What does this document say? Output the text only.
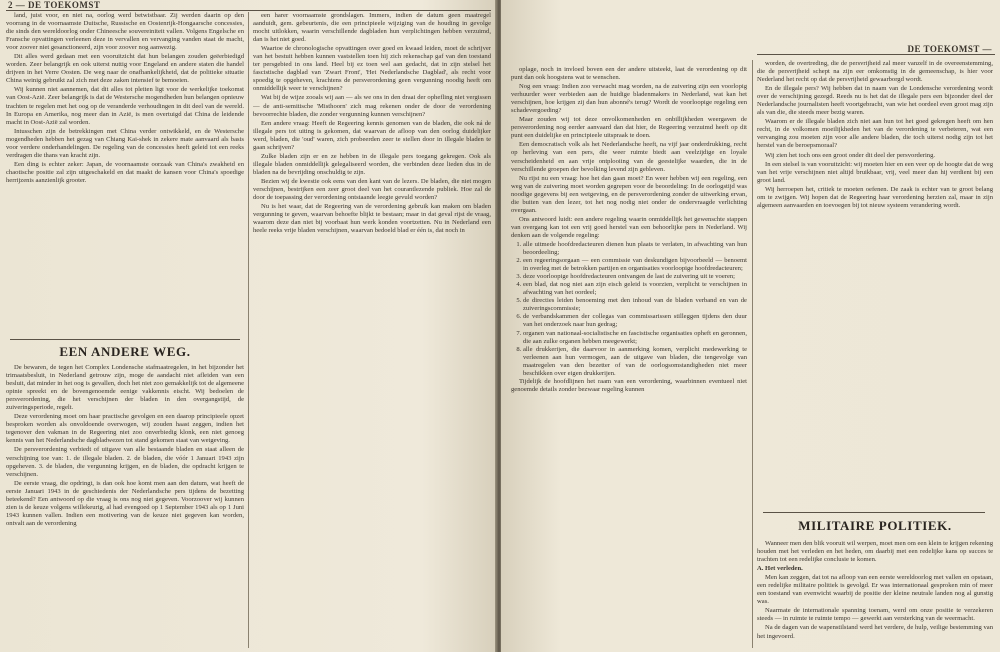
2 — DE TOEKOMST

land, juist voor, en niet na, oorlog werd betwistbaar. Zij werden daarin op den voorrang in de voornaamste Duitsche, Russische en Oostenrijk-Hongaarsche concessies, die sinds den wereldoorlog onder Chineesche souvereiniteit vallen. Volgens Engelsche en Fransche opvattingen verleenen deze in vervallen en vervanging vanden staat de macht, voor zoover niet gesanctioneerd, zijn voor zoover nog aanwezig.

Dit alles werd gedaan met een vooruitzicht dat hun belangen zouden geëerbiedigd worden. Zeer belangrijk en ook uiterst nuttig voor Engeland en andere staten die handel drijven in het Verre Oosten. De weg naar de onafhankelijkheid, dat de politieke situatie China weinig gebruikt zal zich met deze zaken intensief te bemoeien.

Wij kunnen niet aannemen, dat dit alles tot pleiten ligt voor de werkelijke toekomst van Oost-Azië. Zeer belangrijk is dat de Westersche mogendheden hun belangen opnieuw trachten te regelen met het oog op de veranderde verhoudingen in dit deel van de wereld. In Europa en Amerika, nog meer dan in Azië, is men overtuigd dat China de leidende macht in Oost-Azië zal worden.

Intusschen zijn de betrekkingen met China verder ontwikkeld, en de Westersche mogendheden hebben het gezag van Chiang Kai-shek in zekere mate aanvaard als basis voor verdere onderhandelingen. De regeling van de concessies heeft geleid tot een reeks verdragen die thans van kracht zijn.

Een ding is echter zeker: Japan, de voornaamste oorzaak van China's zwakheid en chaotische positie zal zijn uitgeschakeld en dat maakt de kansen voor China's spoedige herrijzenis aanzienlijk grooter.

EEN ANDERE WEG.

De bewaren, de tegen het Complex Londensche stafmaatregelen, in het bijzonder het trimaatsbesluit, in Nederland getrouw zijn, moge de aandacht niet afleiden van een besluit, dat minder in het oog is gevallen, doch het niet zoo gemakkelijk tot de algemeene opinie spreekt en de bovengenoemde eenige vakkennis eischt. Wij bedoelen de persverordening, die het verschijnen der bladen in den overgangstijd, de zuiveringsperiode, regelt.

Deze verordening moet om haar practische gevolgen en een daarop principieele opzet besproken worden als onvoldoende overwogen, wij zouden haast zeggen, indien het tegenover den vakman in de Regeering niet zoo onverbiedig klonk, een niet genoeg kennis van het Nederlandsche dagbladwezen tot stand gekomen staat van wetgeving.

De persverordening verbiedt of uitgave van alle bestaande bladen en staat alleen de verschijning toe van: 1. de illegale bladen. 2. de bladen, die vóór 1 Januari 1943 zijn opgeheven. 3. de bladen, die vergunning krijgen, en de bladen, die opdracht krijgen te verschijnen.

De eerste vraag, die opdringt, is dan ook hoe komt men aan den datum, wat heeft de eerste Januari 1943 in de geschiedenis der Nederlandsche pers tijdens de bezetting beteekend? Een antwoord op die vraag is ons nog niet gegeven. Voorzoover wij kunnen zien is de keuze volgens willekeurig, al had evengoed op 1 September 1943 als op 1 Juni 1943 kunnen vallen. Indien een motivering van de keuze niet gegeven kan worden, ontvalt aan de verordening

een harer voornaamste grondslagen. Immers, indien de datum geen maatregel aanduidt, gem. gebeurtenis, die een principieele wijziging van de houding in gevolge mocht uitlokken, waarin verschillende dagbladen hun verplichtingen hebben verzuimd, dan is het niet goed.

Waartoe de chronologische opvattingen over goed en kwaad leiden, moet de schrijver van het bestuit hebben kunnen vaststellen toen hij zich rekenschap gaf van den toestand ter persgebied in ons land. Heel bij ez toen wel aan gedacht, dat in zijn stelsel het fascistische dagblad van 'Zwart Front', 'Het Nederlandsche Dagblad', als recht voor spoedig te opgeheven, krachtens de persverordening geen vergunning noodig heeft om onmiddellijk weer te verschijnen?

Wat bij de wijze zooals wij aan — als we ons in den draai der ophefling niet vergissen — de anti-semitische 'Misthoorn' zich mag rekenen onder de door de verordening bevoorrechte bladen, die zonder vergunning kunnen verschijnen?

Een andere vraag: Heeft de Regeering kennis genomen van de bladen, die ook ná de illegale pers tot uiting is gekomen, dat waarvan de afloop van den oorlog duidelijker werd, bladen, die 'oud' waren, zich probeerden zeer te stellen door in illegale bladen te gaan schrijven?

Zulke bladen zijn er en ze hebben in de illegale pers toegang gekregen. Ook als illegale bladen onmiddellijk gelegaliseerd worden, die verbinden deze lieden dus in de bladen na de bevrijding onschuldig te zijn.

Bezien wij de kwestie ook eens van den kant van de lezers. De bladen, die niet mogen verschijnen, bestrijken een zeer groot deel van het courantlezende publiek. Hoe zal de door de toepassing der verordening ontstaande leegte gevuld worden?

Nu is het waar, dat de Regeering van de verordening gebruik kan maken om bladen vergunning te geven, waarvan behoefte blijkt te bestaan; maar in dat geval rijst de vraag, waarom deze dan niet bij voorbaat hun werk konden voortzetten. Nu in Nederland een heele reeks vrije bladen verschijnen, waarvan bedoeld blad er één is, dat noch in

DE TOEKOMST —

oplage, noch in invloed boven een der andere uitsteekt, laat de verordening op dit punt dan ook hoogstens wat te wenschen.

Nog een vraag: Indien zoo verwacht mag worden, na de zuivering zijn een voorlopig verhuurder weer verbieden aan de huidige bladenmakers in Nederland, wat kan het verschijnen, hoe krijgen zij dan hun abonné's terug? Wordt de voorloopige regeling een schadevergoeding?

Maar zouden wij tot deze onvolkomenheden en onbillijkheden weergaven de persverordening nog eerder aanvaard dan dat hier, de Regeering verzuimd heeft op dit punt een duidelijke en principieele uitspraak te doen.

Een democratisch volk als het Nederlandsche heeft, na vijf jaar onderdrukking, recht op herleving van een pers, die weer ruimte biedt aan veelzijdige en loyale verscheidenheid en aan vrije ontplooiing van de geestelijke waarden, die in de verschillende groepen der bevolking levend zijn gebleven.

Nu rijst nu een vraag: hoe het dan gaan moet? En weer hebben wij een regeling, een weg van de zuivering moet worden gegrepen voor de beoordeling: In de oorlogstijd was noodige gegevens bij een wetgeving, en de persverordening zonder de uitwerking ervan, die buiten van den lezer, tot het nog nodig niet onder de ondervraagde verlichting overgaan.

Ons antwoord luidt: een andere regeling waarin onmiddellijk het gewenschte stappen van overgang kan tot een vrij goed herstel van een behoorlijke pers in Nederland. Wij denken aan de volgende regeling:

1. alle uitmede hoofdredacteuren dienen hun plaats te verlaten, in afwachting van hun beoordeeling;
2. een regeeringsorgaan — een commissie van deskundigen bijvoorbeeld — benoemt in overleg met de betrokken partijen en organisaties voorloopige hoofdredacteuren;
3. deze voorloopige hoofdredacteuren ontvangen de last de zuivering uit te voeren;
4. een blad, dat nog niet aan zijn eisch geleid is voorzien, verplicht te verschijnen in afwachting van het oordeel;
5. de directies leiden benoeming met den inhoud van de bladen verband en van de zuiveringscommissie;
6. de verbandskammen der collegas van commissarissen stilleggen tijdens den duur van het onderzoek naar hun gedrag;
7. organen van nationaal-socialistische en fascistische organisaties opheft en geronnen, die aan zulke organen hebben meegewerkt;
8. alle drukkerijen, die daarvoor in aanmerking komen, verplicht medewerking te verleenen aan hun vermogen, aan de uitgave van bladen, die tengevolge van maatregelen van den bezetter of van de oorlogsomstandigheden niet meer beschikken over eigen drukkerijen.

Tijdelijk de hoofdlijnen het raam van een verordening, waarbinnen eventueel niet genoemde details zonder bezwaar regeling kunnen

worden, de overtreding, die de persvrijheid zal meer vanzelf in de overeenstemming, die de persvrijheid schept na zijn eer omkomstig in de gemeenschap, is hier voor Nederland het recht op dat de persvrijheid gewaarborgd wordt.

En de illegale pers? Wij hebben dat in naam van de Londensche verordening wordt over de verschijning gezegd. Reeds nu is het dat de illegale pers een bijzonder deel der Nederlandsche journalisten heeft voortgebracht, van wie het oordeel even groot mag zijn als van die, die steeds meer bezig waren.

Waarom er de illegale bladen zich niet aan hun tot het goed gekregen heeft om hen recht, in de volkomen moeilijkheden het van de verordening te verbeteren, wat een vervanging zou moeten zijn voor alle andere bladen, die toch uiterst nodig zijn tot het herstel van de beroepsmoraal?

Wij zien het toch ons een groot onder dit deel der persvordering.

In een stelsel is van vooruitzicht: wij moeten hier en een veer op de hoogte dat de weg van het vrije verschijnen niet altijd bruikbaar, vrij, veel meer dan hij verdient bij een groot land.

Wij herroepen het, critiek te moeten oefenen. De zaak is echter van te groot belang om te zwijgen. Wij hopen dat de Regeering haar verordening herzien zal, maar in zijn algemeen aanvaarden en toevoegen bij tot nieuw systeem verandering wordt.

MILITAIRE POLITIEK.

Wanneer men den blik vooruit wil werpen, moet men om een klein te krijgen rekening houden met het verleden en het heden, om daarbij met een redelijke kans op succes te trachten tot een redelijke conclusie te komen.

A. Het verleden.

Men kan zeggen, dat tot na afloop van een eerste wereldoorlog met vallen en opstaan, een redelijke militaire politiek is gevolgd. Er was internationaal gesproken min of meer een toestand van evenwicht waarbij de positie der kleine neutrale landen nog al gunstig was.

Naarmate de internationale spanning toenam, werd om onze positie te verzekeren steeds — in ruimte te ruimte tempo — gewerkt aan versterking van de weermacht.

Na de dagen van de wapenstilstand werd het verdere, de hulp, veilige bestemming van het ingevoerd.
